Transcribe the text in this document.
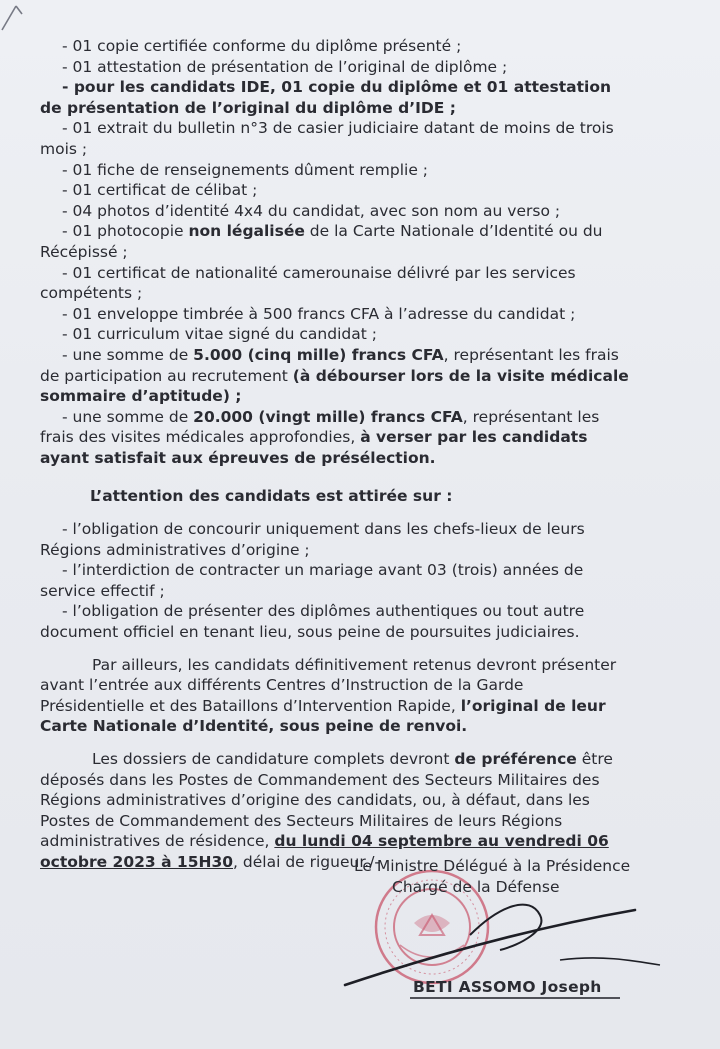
- 01 copie certifiée conforme du diplôme présenté ;
- 01 attestation de présentation de l’original de diplôme ;
- pour les candidats IDE, 01 copie du diplôme et 01 attestation
de présentation de l’original du diplôme d’IDE ;
- 01 extrait du bulletin n°3 de casier judiciaire datant de moins de trois
mois ;
- 01 fiche de renseignements dûment remplie ;
- 01 certificat de célibat ;
- 04 photos d’identité 4x4 du candidat, avec son nom au verso ;
- 01 photocopie non légalisée de la Carte Nationale d’Identité ou du
Récépissé ;
- 01 certificat de nationalité camerounaise délivré par les services
compétents ;
- 01 enveloppe timbrée à 500 francs CFA à l’adresse du candidat ;
- 01 curriculum vitae signé du candidat ;
- une somme de 5.000 (cinq mille) francs CFA, représentant les frais
de participation au recrutement (à débourser lors de la visite médicale
sommaire d’aptitude) ;
- une somme de 20.000 (vingt mille) francs CFA, représentant les
frais des visites médicales approfondies, à verser par les candidats
ayant satisfait aux épreuves de présélection.
L’attention des candidats est attirée sur :
- l’obligation de concourir uniquement dans les chefs-lieux de leurs
Régions administratives d’origine ;
- l’interdiction de contracter un mariage avant 03 (trois) années de
service effectif ;
- l’obligation de présenter des diplômes authentiques ou tout autre
document officiel en tenant lieu, sous peine de poursuites judiciaires.
Par ailleurs, les candidats définitivement retenus devront présenter
avant l’entrée aux différents Centres d’Instruction de la Garde
Présidentielle et des Bataillons d’Intervention Rapide, l’original de leur
Carte Nationale d’Identité, sous peine de renvoi.
Les dossiers de candidature complets devront de préférence être
déposés dans les Postes de Commandement des Secteurs Militaires des
Régions administratives d’origine des candidats, ou, à défaut, dans les
Postes de Commandement des Secteurs Militaires de leurs Régions
administratives de résidence, du lundi 04 septembre au vendredi 06
octobre 2023 à 15H30, délai de rigueur./-
Le Ministre Délégué à la Présidence
Chargé de la Défense
BETI ASSOMO Joseph
